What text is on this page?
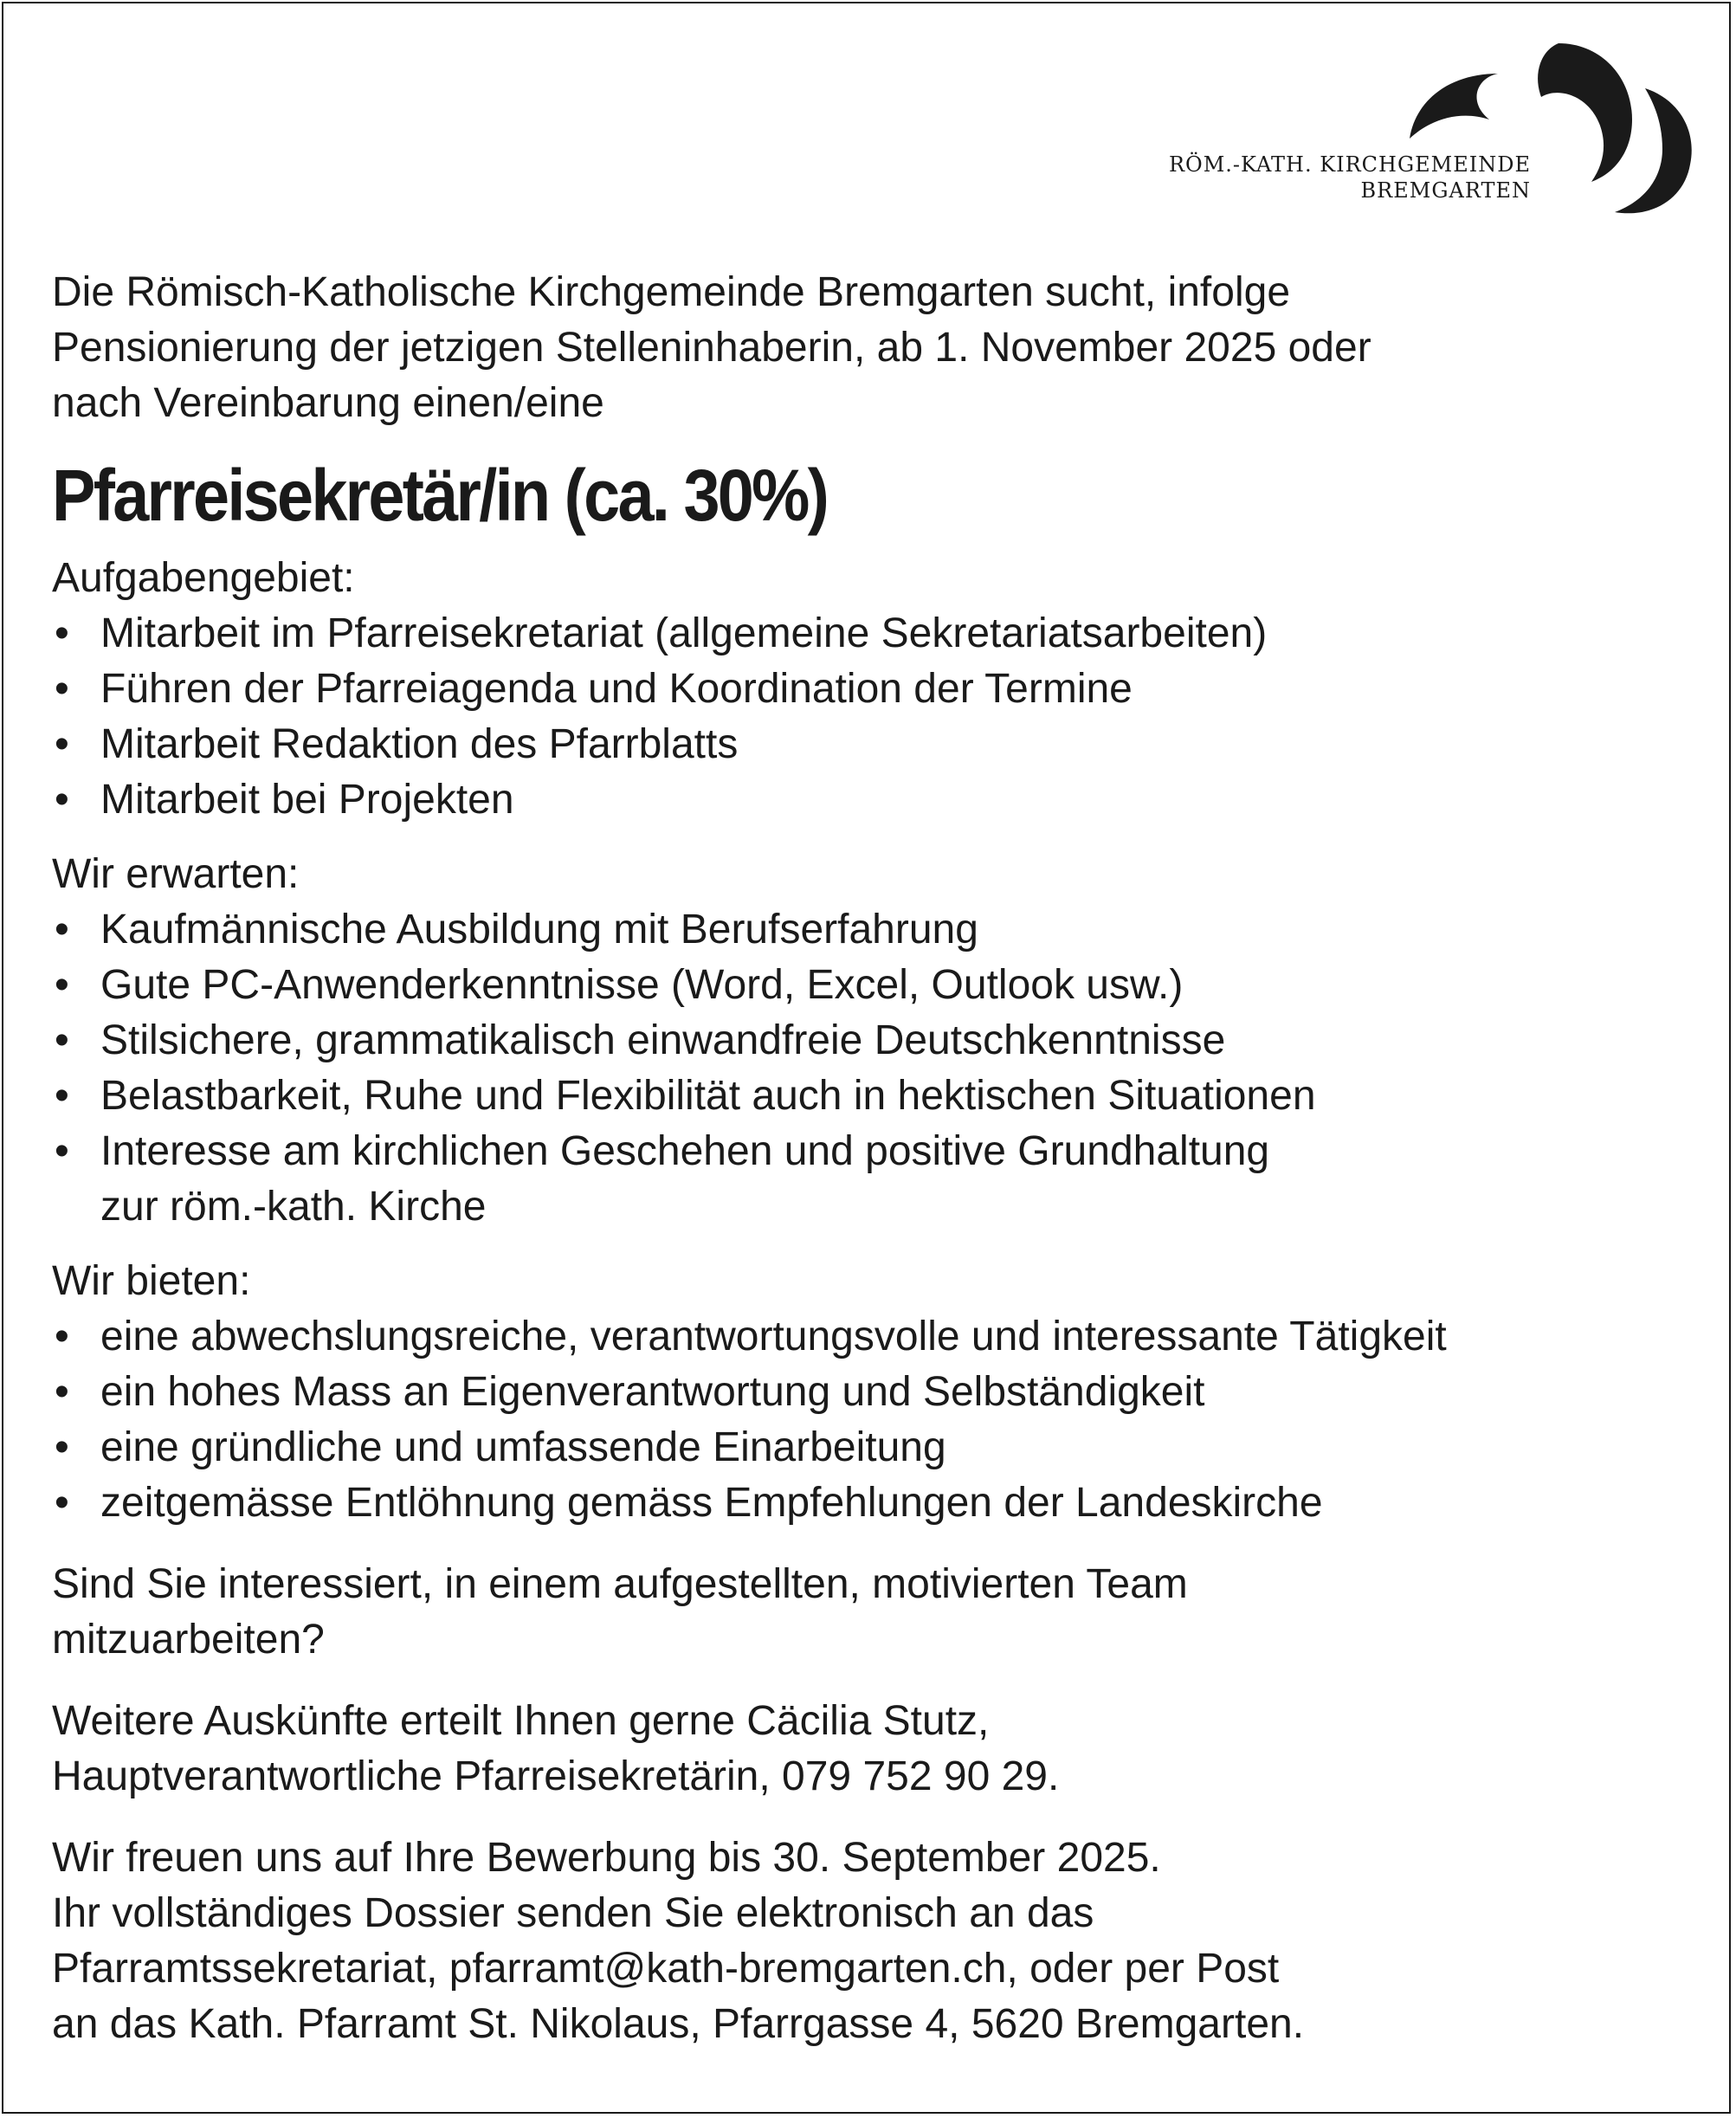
RÖM.-KATH. KIRCHGEMEINDE
BREMGARTEN

Die Römisch-Katholische Kirchgemeinde Bremgarten sucht, infolge

Pensionierung der jetzigen Stelleninhaberin, ab 1. November 2025 oder

nach Vereinbarung einen/eine

Pfarreisekretär/in (ca. 30%)

Aufgabengebiet:

• Mitarbeit im Pfarreisekretariat (allgemeine Sekretariatsarbeiten)
• Führen der Pfarreiagenda und Koordination der Termine
• Mitarbeit Redaktion des Pfarrblatts
• Mitarbeit bei Projekten

Wir erwarten:

• Kaufmännische Ausbildung mit Berufserfahrung
• Gute PC-Anwenderkenntnisse (Word, Excel, Outlook usw.)
• Stilsichere, grammatikalisch einwandfreie Deutschkenntnisse
• Belastbarkeit, Ruhe und Flexibilität auch in hektischen Situationen
• Interesse am kirchlichen Geschehen und positive Grundhaltung
zur röm.-kath. Kirche

Wir bieten:

• eine abwechslungsreiche, verantwortungsvolle und interessante Tätigkeit
• ein hohes Mass an Eigenverantwortung und Selbständigkeit
• eine gründliche und umfassende Einarbeitung
• zeitgemässe Entlöhnung gemäss Empfehlungen der Landeskirche

Sind Sie interessiert, in einem aufgestellten, motivierten Team

mitzuarbeiten?

Weitere Auskünfte erteilt Ihnen gerne Cäcilia Stutz,

Hauptverantwortliche Pfarreisekretärin, 079 752 90 29.

Wir freuen uns auf Ihre Bewerbung bis 30. September 2025.

Ihr vollständiges Dossier senden Sie elektronisch an das

Pfarramtssekretariat, pfarramt@kath-bremgarten.ch, oder per Post

an das Kath. Pfarramt St. Nikolaus, Pfarrgasse 4, 5620 Bremgarten.
